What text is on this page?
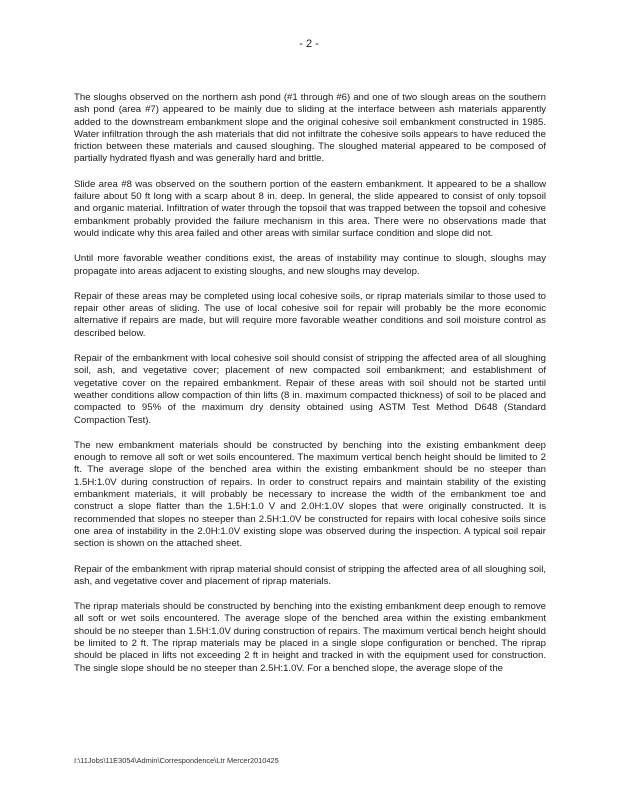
- 2 -

The sloughs observed on the northern ash pond (#1 through #6) and one of two slough areas on the southern ash pond (area #7) appeared to be mainly due to sliding at the interface between ash materials apparently added to the downstream embankment slope and the original cohesive soil embankment constructed in 1985. Water infiltration through the ash materials that did not infiltrate the cohesive soils appears to have reduced the friction between these materials and caused sloughing. The sloughed material appeared to be composed of partially hydrated flyash and was generally hard and brittle.

Slide area #8 was observed on the southern portion of the eastern embankment. It appeared to be a shallow failure about 50 ft long with a scarp about 8 in. deep. In general, the slide appeared to consist of only topsoil and organic material. Infiltration of water through the topsoil that was trapped between the topsoil and cohesive embankment probably provided the failure mechanism in this area. There were no observations made that would indicate why this area failed and other areas with similar surface condition and slope did not.

Until more favorable weather conditions exist, the areas of instability may continue to slough, sloughs may propagate into areas adjacent to existing sloughs, and new sloughs may develop.

Repair of these areas may be completed using local cohesive soils, or riprap materials similar to those used to repair other areas of sliding. The use of local cohesive soil for repair will probably be the more economic alternative if repairs are made, but will require more favorable weather conditions and soil moisture control as described below.

Repair of the embankment with local cohesive soil should consist of stripping the affected area of all sloughing soil, ash, and vegetative cover; placement of new compacted soil embankment; and establishment of vegetative cover on the repaired embankment. Repair of these areas with soil should not be started until weather conditions allow compaction of thin lifts (8 in. maximum compacted thickness) of soil to be placed and compacted to 95% of the maximum dry density obtained using ASTM Test Method D648 (Standard Compaction Test).

The new embankment materials should be constructed by benching into the existing embankment deep enough to remove all soft or wet soils encountered. The maximum vertical bench height should be limited to 2 ft. The average slope of the benched area within the existing embankment should be no steeper than 1.5H:1.0V during construction of repairs. In order to construct repairs and maintain stability of the existing embankment materials, it will probably be necessary to increase the width of the embankment toe and construct a slope flatter than the 1.5H:1.0 V and 2.0H:1.0V slopes that were originally constructed. It is recommended that slopes no steeper than 2.5H:1.0V be constructed for repairs with local cohesive soils since one area of instability in the 2.0H:1.0V existing slope was observed during the inspection. A typical soil repair section is shown on the attached sheet.

Repair of the embankment with riprap material should consist of stripping the affected area of all sloughing soil, ash, and vegetative cover and placement of riprap materials.

The riprap materials should be constructed by benching into the existing embankment deep enough to remove all soft or wet soils encountered. The average slope of the benched area within the existing embankment should be no steeper than 1.5H:1.0V during construction of repairs. The maximum vertical bench height should be limited to 2 ft. The riprap materials may be placed in a single slope configuration or benched. The riprap should be placed in lifts not exceeding 2 ft in height and tracked in with the equipment used for construction. The single slope should be no steeper than 2.5H:1.0V. For a benched slope, the average slope of the

I:\11Jobs\11E3054\Admin\Correspondence\Ltr Mercer2010425
